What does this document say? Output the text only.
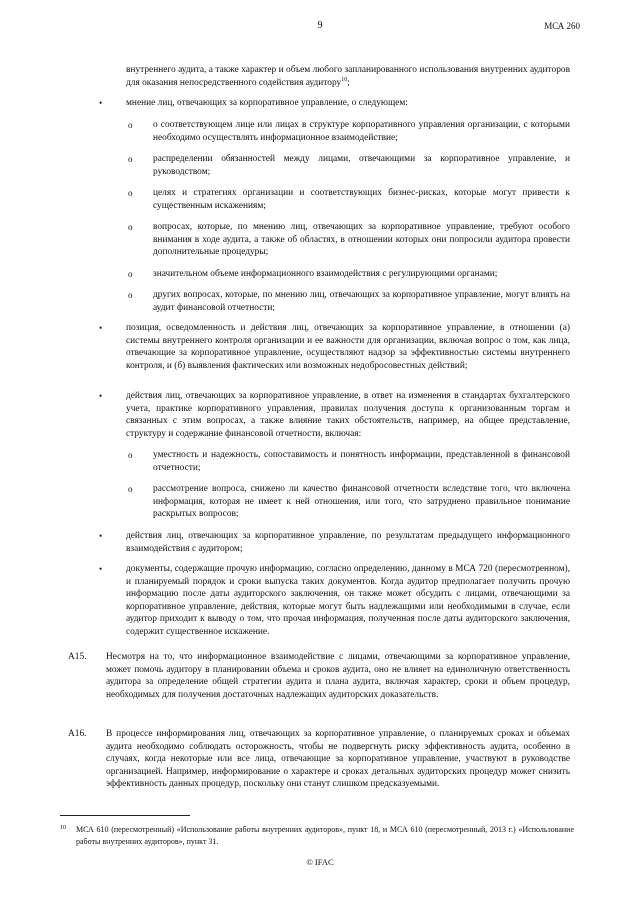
9	МСА 260
внутреннего аудита, а также характер и объем любого запланированного использования внутренних аудиторов для оказания непосредственного содействия аудитору$^{10}$;
•	мнение лиц, отвечающих за корпоративное управление, о следующем:
o о соответствующем лице или лицах в структуре корпоративного управления организации, с которыми необходимо осуществлять информационное взаимодействие;
o распределении обязанностей между лицами, отвечающими за корпоративное управление, и руководством;
o целях и стратегиях организации и соответствующих бизнес-рисках, которые могут привести к существенным искажениям;
o вопросах, которые, по мнению лиц, отвечающих за корпоративное управление, требуют особого внимания в ходе аудита, а также об областях, в отношении которых они попросили аудитора провести дополнительные процедуры;
o значительном объеме информационного взаимодействия с регулирующими органами;
o других вопросах, которые, по мнению лиц, отвечающих за корпоративное управление, могут влиять на аудит финансовой отчетности;
•	позиция, осведомленность и действия лиц, отвечающих за корпоративное управление, в отношении (а) системы внутреннего контроля организации и ее важности для организации, включая вопрос о том, как лица, отвечающие за корпоративное управление, осуществляют надзор за эффективностью системы внутреннего контроля, и (б) выявления фактических или возможных недобросовестных действий;
•	действия лиц, отвечающих за корпоративное управление, в ответ на изменения в стандартах бухгалтерского учета, практике корпоративного управления, правилах получения доступа к организованным торгам и связанных с этим вопросах, а также влияние таких обстоятельств, например, на общее представление, структуру и содержание финансовой отчетности, включая:
o уместность и надежность, сопоставимость и понятность информации, представленной в финансовой отчетности;
o рассмотрение вопроса, снижено ли качество финансовой отчетности вследствие того, что включена информация, которая не имеет к ней отношения, или того, что затруднено правильное понимание раскрытых вопросов;
•	действия лиц, отвечающих за корпоративное управление, по результатам предыдущего информационного взаимодействия с аудитором;
•	документы, содержащие прочую информацию, согласно определению, данному в МСА 720 (пересмотренном), и планируемый порядок и сроки выпуска таких документов. Когда аудитор предполагает получить прочую информацию после даты аудиторского заключения, он также может обсудить с лицами, отвечающими за корпоративное управление, действия, которые могут быть надлежащими или необходимыми в случае, если аудитор приходит к выводу о том, что прочая информация, полученная после даты аудиторского заключения, содержит существенное искажение.
A15. Несмотря на то, что информационное взаимодействие с лицами, отвечающими за корпоративное управление, может помочь аудитору в планировании объема и сроков аудита, оно не влияет на единоличную ответственность аудитора за определение общей стратегии аудита и плана аудита, включая характер, сроки и объем процедур, необходимых для получения достаточных надлежащих аудиторских доказательств.
A16. В процессе информирования лиц, отвечающих за корпоративное управление, о планируемых сроках и объемах аудита необходимо соблюдать осторожность, чтобы не подвергнуть риску эффективность аудита, особенно в случаях, когда некоторые или все лица, отвечающие за корпоративное управление, участвуют в руководстве организацией. Например, информирование о характере и сроках детальных аудиторских процедур может снизить эффективность данных процедур, поскольку они станут слишком предсказуемыми.
10 МСА 610 (пересмотренный) «Использование работы внутренних аудиторов», пункт 18, и МСА 610 (пересмотренный, 2013 г.) «Использование работы внутренних аудиторов», пункт 31.
© IFAC
